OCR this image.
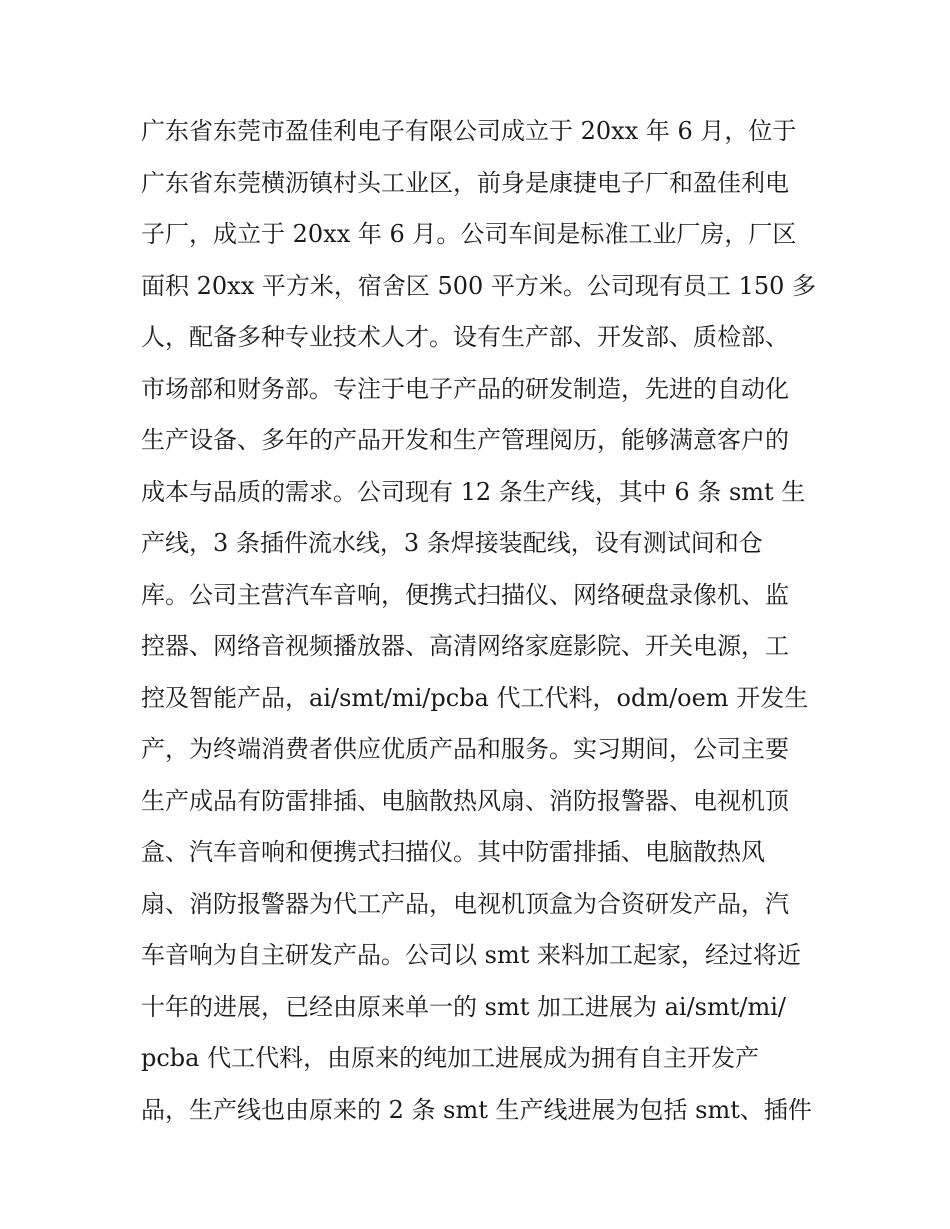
广东省东莞市盈佳利电子有限公司成立于 20xx 年 6 月，位于
广东省东莞横沥镇村头工业区，前身是康捷电子厂和盈佳利电
子厂，成立于 20xx 年 6 月。公司车间是标准工业厂房，厂区
面积 20xx 平方米，宿舍区 500 平方米。公司现有员工 150 多
人，配备多种专业技术人才。设有生产部、开发部、质检部、
市场部和财务部。专注于电子产品的研发制造，先进的自动化
生产设备、多年的产品开发和生产管理阅历，能够满意客户的
成本与品质的需求。公司现有 12 条生产线，其中 6 条 smt 生
产线，3 条插件流水线，3 条焊接装配线，设有测试间和仓
库。公司主营汽车音响，便携式扫描仪、网络硬盘录像机、监
控器、网络音视频播放器、高清网络家庭影院、开关电源，工
控及智能产品，ai/smt/mi/pcba 代工代料，odm/oem 开发生
产，为终端消费者供应优质产品和服务。实习期间，公司主要
生产成品有防雷排插、电脑散热风扇、消防报警器、电视机顶
盒、汽车音响和便携式扫描仪。其中防雷排插、电脑散热风
扇、消防报警器为代工产品，电视机顶盒为合资研发产品，汽
车音响为自主研发产品。公司以 smt 来料加工起家，经过将近
十年的进展，已经由原来单一的 smt 加工进展为 ai/smt/mi/
pcba 代工代料，由原来的纯加工进展成为拥有自主开发产
品，生产线也由原来的 2 条 smt 生产线进展为包括 smt、插件
